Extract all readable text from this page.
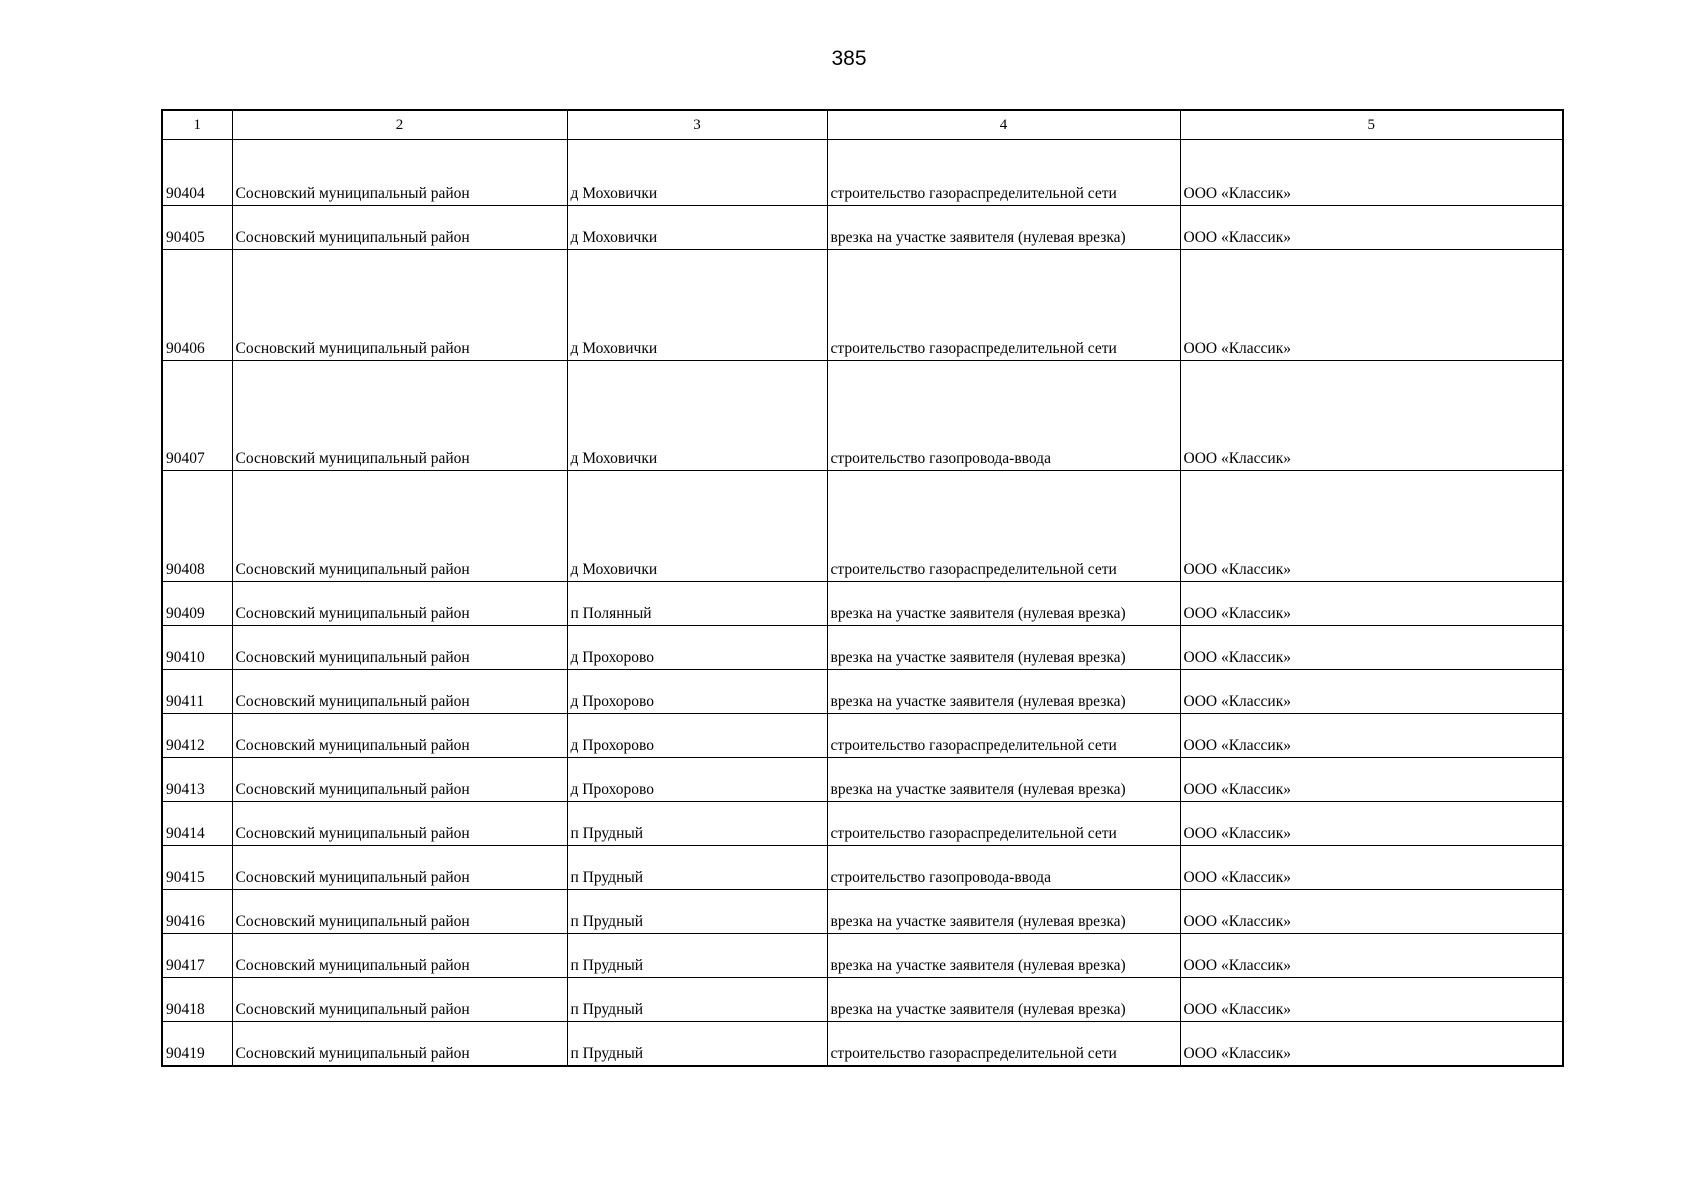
385
1	2	3	4	5
90404	Сосновский муниципальный район	д Моховички	строительство газораспределительной сети	ООО «Классик»
90405	Сосновский муниципальный район	д Моховички	врезка на участке заявителя (нулевая врезка)	ООО «Классик»
90406	Сосновский муниципальный район	д Моховички	строительство газораспределительной сети	ООО «Классик»
90407	Сосновский муниципальный район	д Моховички	строительство газопровода-ввода	ООО «Классик»
90408	Сосновский муниципальный район	д Моховички	строительство газораспределительной сети	ООО «Классик»
90409	Сосновский муниципальный район	п Полянный	врезка на участке заявителя (нулевая врезка)	ООО «Классик»
90410	Сосновский муниципальный район	д Прохорово	врезка на участке заявителя (нулевая врезка)	ООО «Классик»
90411	Сосновский муниципальный район	д Прохорово	врезка на участке заявителя (нулевая врезка)	ООО «Классик»
90412	Сосновский муниципальный район	д Прохорово	строительство газораспределительной сети	ООО «Классик»
90413	Сосновский муниципальный район	д Прохорово	врезка на участке заявителя (нулевая врезка)	ООО «Классик»
90414	Сосновский муниципальный район	п Прудный	строительство газораспределительной сети	ООО «Классик»
90415	Сосновский муниципальный район	п Прудный	строительство газопровода-ввода	ООО «Классик»
90416	Сосновский муниципальный район	п Прудный	врезка на участке заявителя (нулевая врезка)	ООО «Классик»
90417	Сосновский муниципальный район	п Прудный	врезка на участке заявителя (нулевая врезка)	ООО «Классик»
90418	Сосновский муниципальный район	п Прудный	врезка на участке заявителя (нулевая врезка)	ООО «Классик»
90419	Сосновский муниципальный район	п Прудный	строительство газораспределительной сети	ООО «Классик»
